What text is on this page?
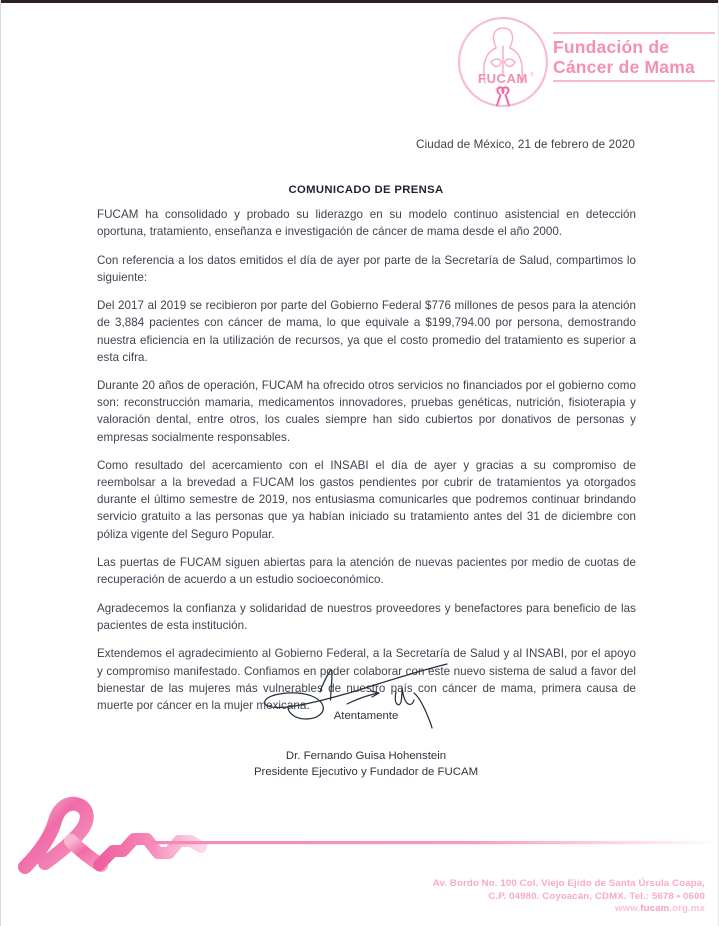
FUCAM ®
A.B.P.
Fundación de
Cáncer de Mama
Ciudad de México, 21 de febrero de 2020
COMUNICADO DE PRENSA

FUCAM ha consolidado y probado su liderazgo en su modelo continuo asistencial en detección oportuna, tratamiento, enseñanza e investigación de cáncer de mama desde el año 2000.

Con referencia a los datos emitidos el día de ayer por parte de la Secretaría de Salud, compartimos lo siguiente:

Del 2017 al 2019 se recibieron por parte del Gobierno Federal $776 millones de pesos para la atención de 3,884 pacientes con cáncer de mama, lo que equivale a $199,794.00 por persona, demostrando nuestra eficiencia en la utilización de recursos, ya que el costo promedio del tratamiento es superior a esta cifra.

Durante 20 años de operación, FUCAM ha ofrecido otros servicios no financiados por el gobierno como son: reconstrucción mamaria, medicamentos innovadores, pruebas genéticas, nutrición, fisioterapia y valoración dental, entre otros, los cuales siempre han sido cubiertos por donativos de personas y empresas socialmente responsables.

Como resultado del acercamiento con el INSABI el día de ayer y gracias a su compromiso de reembolsar a la brevedad a FUCAM los gastos pendientes por cubrir de tratamientos ya otorgados durante el último semestre de 2019, nos entusiasma comunicarles que podremos continuar brindando servicio gratuito a las personas que ya habían iniciado su tratamiento antes del 31 de diciembre con póliza vigente del Seguro Popular.

Las puertas de FUCAM siguen abiertas para la atención de nuevas pacientes por medio de cuotas de recuperación de acuerdo a un estudio socioeconómico.

Agradecemos la confianza y solidaridad de nuestros proveedores y benefactores para beneficio de las pacientes de esta institución.

Extendemos el agradecimiento al Gobierno Federal, a la Secretaría de Salud y al INSABI, por el apoyo y compromiso manifestado. Confiamos en poder colaborar con este nuevo sistema de salud a favor del bienestar de las mujeres más vulnerables de nuestro país con cáncer de mama, primera causa de muerte por cáncer en la mujer mexicana.

Atentamente
Dr. Fernando Guisa Hohenstein
Presidente Ejecutivo y Fundador de FUCAM
Av. Bordo No. 100 Col. Viejo Ejido de Santa Úrsula Coapa,
C.P. 04980. Coyoacán, CDMX. Tel.: 5678 • 0600
www.fucam.org.mx
